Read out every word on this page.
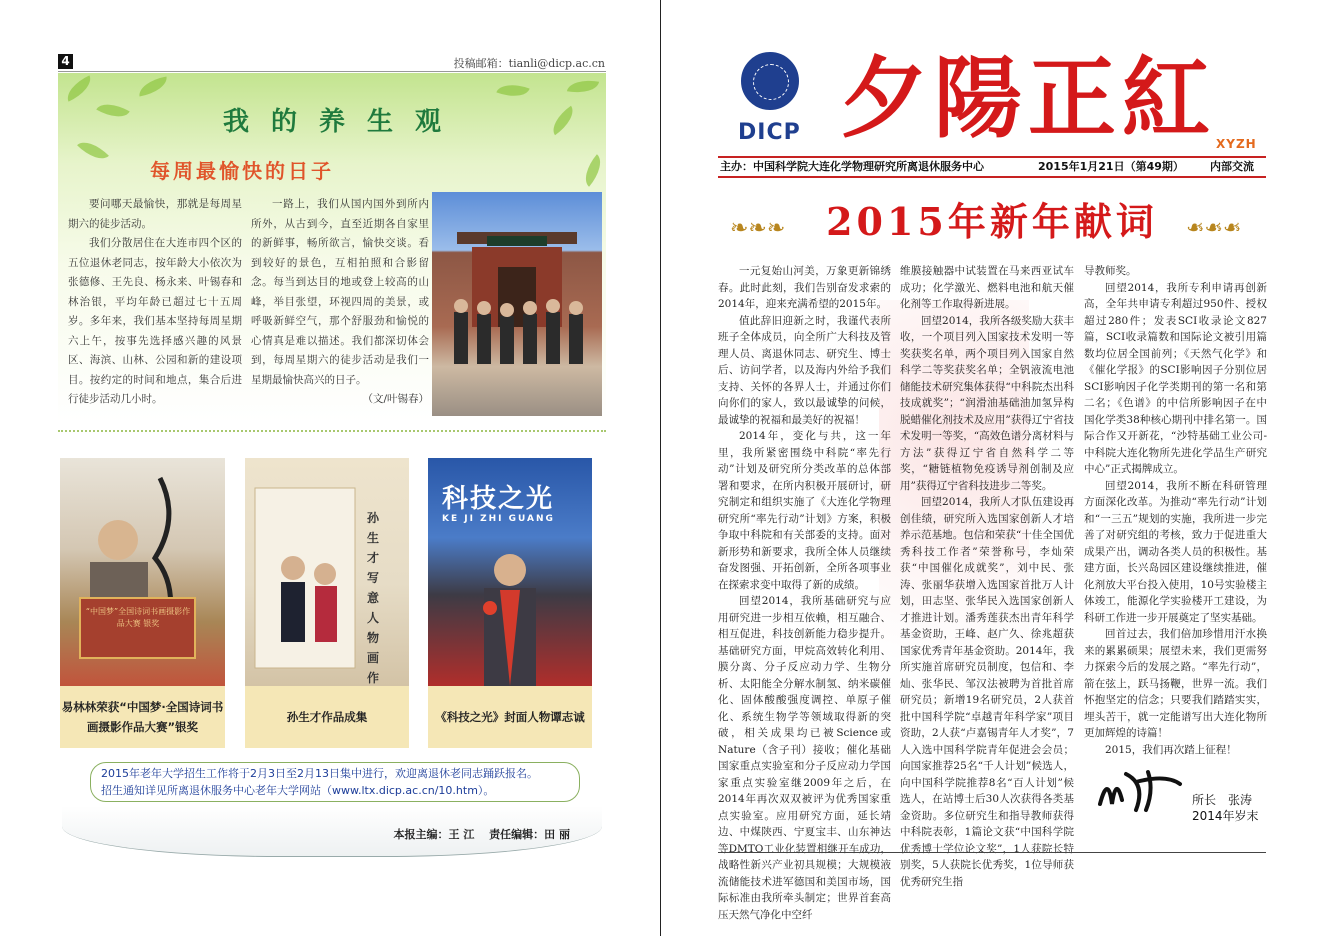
4	投稿邮箱：tianli@dicp.ac.cn
我的养生观
每周最愉快的日子

要问哪天最愉快，那就是每周星期六的徒步活动。

我们分散居住在大连市四个区的五位退休老同志，按年龄大小依次为张德修、王先良、杨永来、叶锡春和林治银，平均年龄已超过七十五周岁。多年来，我们基本坚持每周星期六上午，按事先选择感兴趣的风景区、海滨、山林、公园和新的建设项目。按约定的时间和地点，集合后进行徒步活动几小时。

一路上，我们从国内国外到所内所外，从古到今，直至近期各自家里的新鲜事，畅所欲言，愉快交谈。看到较好的景色，互相拍照和合影留念。每当到达目的地或登上较高的山峰，举目张望，环视四周的美景，或呼吸新鲜空气，那个舒服劲和愉悦的心情真是难以描述。我们都深切体会到，每周星期六的徒步活动是我们一星期最愉快高兴的日子。

（文/叶锡春）
“中国梦”全国诗词书画摄影作品大赛 银奖
孙生才写意人物画作
科技之光
KE JI ZHI GUANG
易林林荣获“中国梦·全国诗词书画摄影作品大赛”银奖
孙生才作品成集	《科技之光》封面人物谭志诚
2015年老年大学招生工作将于2月3日至2月13日集中进行，欢迎离退休老同志踊跃报名。
招生通知详见所离退休服务中心老年大学网站（www.ltx.dicp.ac.cn/10.htm）。
本报主编：王 江　 责任编辑：田 丽
DICP 夕陽正紅 XYZH
主办：中国科学院大连化学物理研究所离退休服务中心	2015年1月21日（第49期） 内部交流
❧❧❧	2015年新年献词	❧❧❧

一元复始山河美，万象更新锦绣春。此时此刻，我们告别奋发求索的2014年，迎来充满希望的2015年。

值此辞旧迎新之时，我谨代表所班子全体成员，向全所广大科技及管理人员、离退休同志、研究生、博士后、访问学者，以及海内外给予我们支持、关怀的各界人士，并通过你们向你们的家人，致以最诚挚的问候，最诚挚的祝福和最美好的祝福！

2014年，变化与共，这一年里，我所紧密围绕中科院“率先行动”计划及研究所分类改革的总体部署和要求，在所内积极开展研讨，研究制定和组织实施了《大连化学物理研究所“率先行动”计划》方案，积极争取中科院和有关部委的支持。面对新形势和新要求，我所全体人员继续奋发图强、开拓创新，全所各项事业在探索求变中取得了新的成绩。

回望2014，我所基础研究与应用研究进一步相互依赖，相互融合、相互促进，科技创新能力稳步提升。基础研究方面，甲烷高效转化利用、膜分离、分子反应动力学、生物分析、太阳能全分解水制氢、纳米碳催化、固体酸酸强度调控、单原子催化、系统生物学等领域取得新的突破，相关成果均已被Science或Nature（含子刊）接收；催化基础国家重点实验室和分子反应动力学国家重点实验室继2009年之后，在2014年再次双双被评为优秀国家重点实验室。应用研究方面，延长靖边、中煤陕西、宁夏宝丰、山东神达等DMTO工业化装置相继开车成功，战略性新兴产业初具规模；大规模液流储能技术进军德国和美国市场，国际标准由我所牵头制定；世界首套高压天然气净化中空纤

维膜接触器中试装置在马来西亚试车成功；化学激光、燃料电池和航天催化剂等工作取得新进展。

回望2014，我所各级奖励大获丰收，一个项目列入国家技术发明一等奖获奖名单，两个项目列入国家自然科学二等奖获奖名单；全钒液流电池储能技术研究集体获得“中科院杰出科技成就奖”；“润滑油基础油加氢异构脱蜡催化剂技术及应用”获得辽宁省技术发明一等奖，“高效色谱分离材料与方法”获得辽宁省自然科学二等奖，“糖链植物免疫诱导剂创制及应用”获得辽宁省科技进步二等奖。

回望2014，我所人才队伍建设再创佳绩，研究所入选国家创新人才培养示范基地。包信和荣获“十佳全国优秀科技工作者”荣誉称号，李灿荣获“中国催化成就奖”，刘中民、张涛、张丽华获增入选国家首批万人计划，田志坚、张华民入选国家创新人才推进计划。潘秀莲获杰出青年科学基金资助，王峰、赵广久、徐兆超获国家优秀青年基金资助。2014年，我所实施首席研究员制度，包信和、李灿、张华民、邹汉法被聘为首批首席研究员；新增19名研究员，2人获首批中国科学院“卓越青年科学家”项目资助，2人获“卢嘉锡青年人才奖”，7人入选中国科学院青年促进会会员；向国家推荐25名“千人计划”候选人，向中国科学院推荐8名“百人计划”候选人，在站博士后30人次获得各类基金资助。多位研究生和指导教师获得中科院表彰，1篇论文获“中国科学院优秀博士学位论文奖”，1人获院长特别奖，5人获院长优秀奖，1位导师获优秀研究生指

导教师奖。

回望2014，我所专利申请再创新高，全年共申请专利超过950件、授权超过280件；发表SCI收录论文827篇，SCI收录篇数和国际论文被引用篇数均位居全国前列；《天然气化学》和《催化学报》的SCI影响因子分别位居SCI影响因子化学类期刊的第一名和第二名；《色谱》的中信所影响因子在中国化学类38种核心期刊中排名第一。国际合作又开新花，“沙特基础工业公司-中科院大连化物所先进化学品生产研究中心”正式揭牌成立。

回望2014，我所不断在科研管理方面深化改革。为推动“率先行动”计划和“一三五”规划的实施，我所进一步完善了对研究组的考核，致力于促进重大成果产出，调动各类人员的积极性。基建方面，长兴岛园区建设继续推进，催化剂放大平台投入使用，10号实验楼主体竣工，能源化学实验楼开工建设，为科研工作进一步开展奠定了坚实基础。

回首过去，我们倍加珍惜用汗水换来的累累硕果；展望未来，我们更需努力探索今后的发展之路。“率先行动”，箭在弦上，跃马扬鞭，世界一流。我们怀抱坚定的信念；只要我们踏踏实实，埋头苦干，就一定能谱写出大连化物所更加辉煌的诗篇！

2015，我们再次踏上征程！

所长　张涛
2014年岁末
